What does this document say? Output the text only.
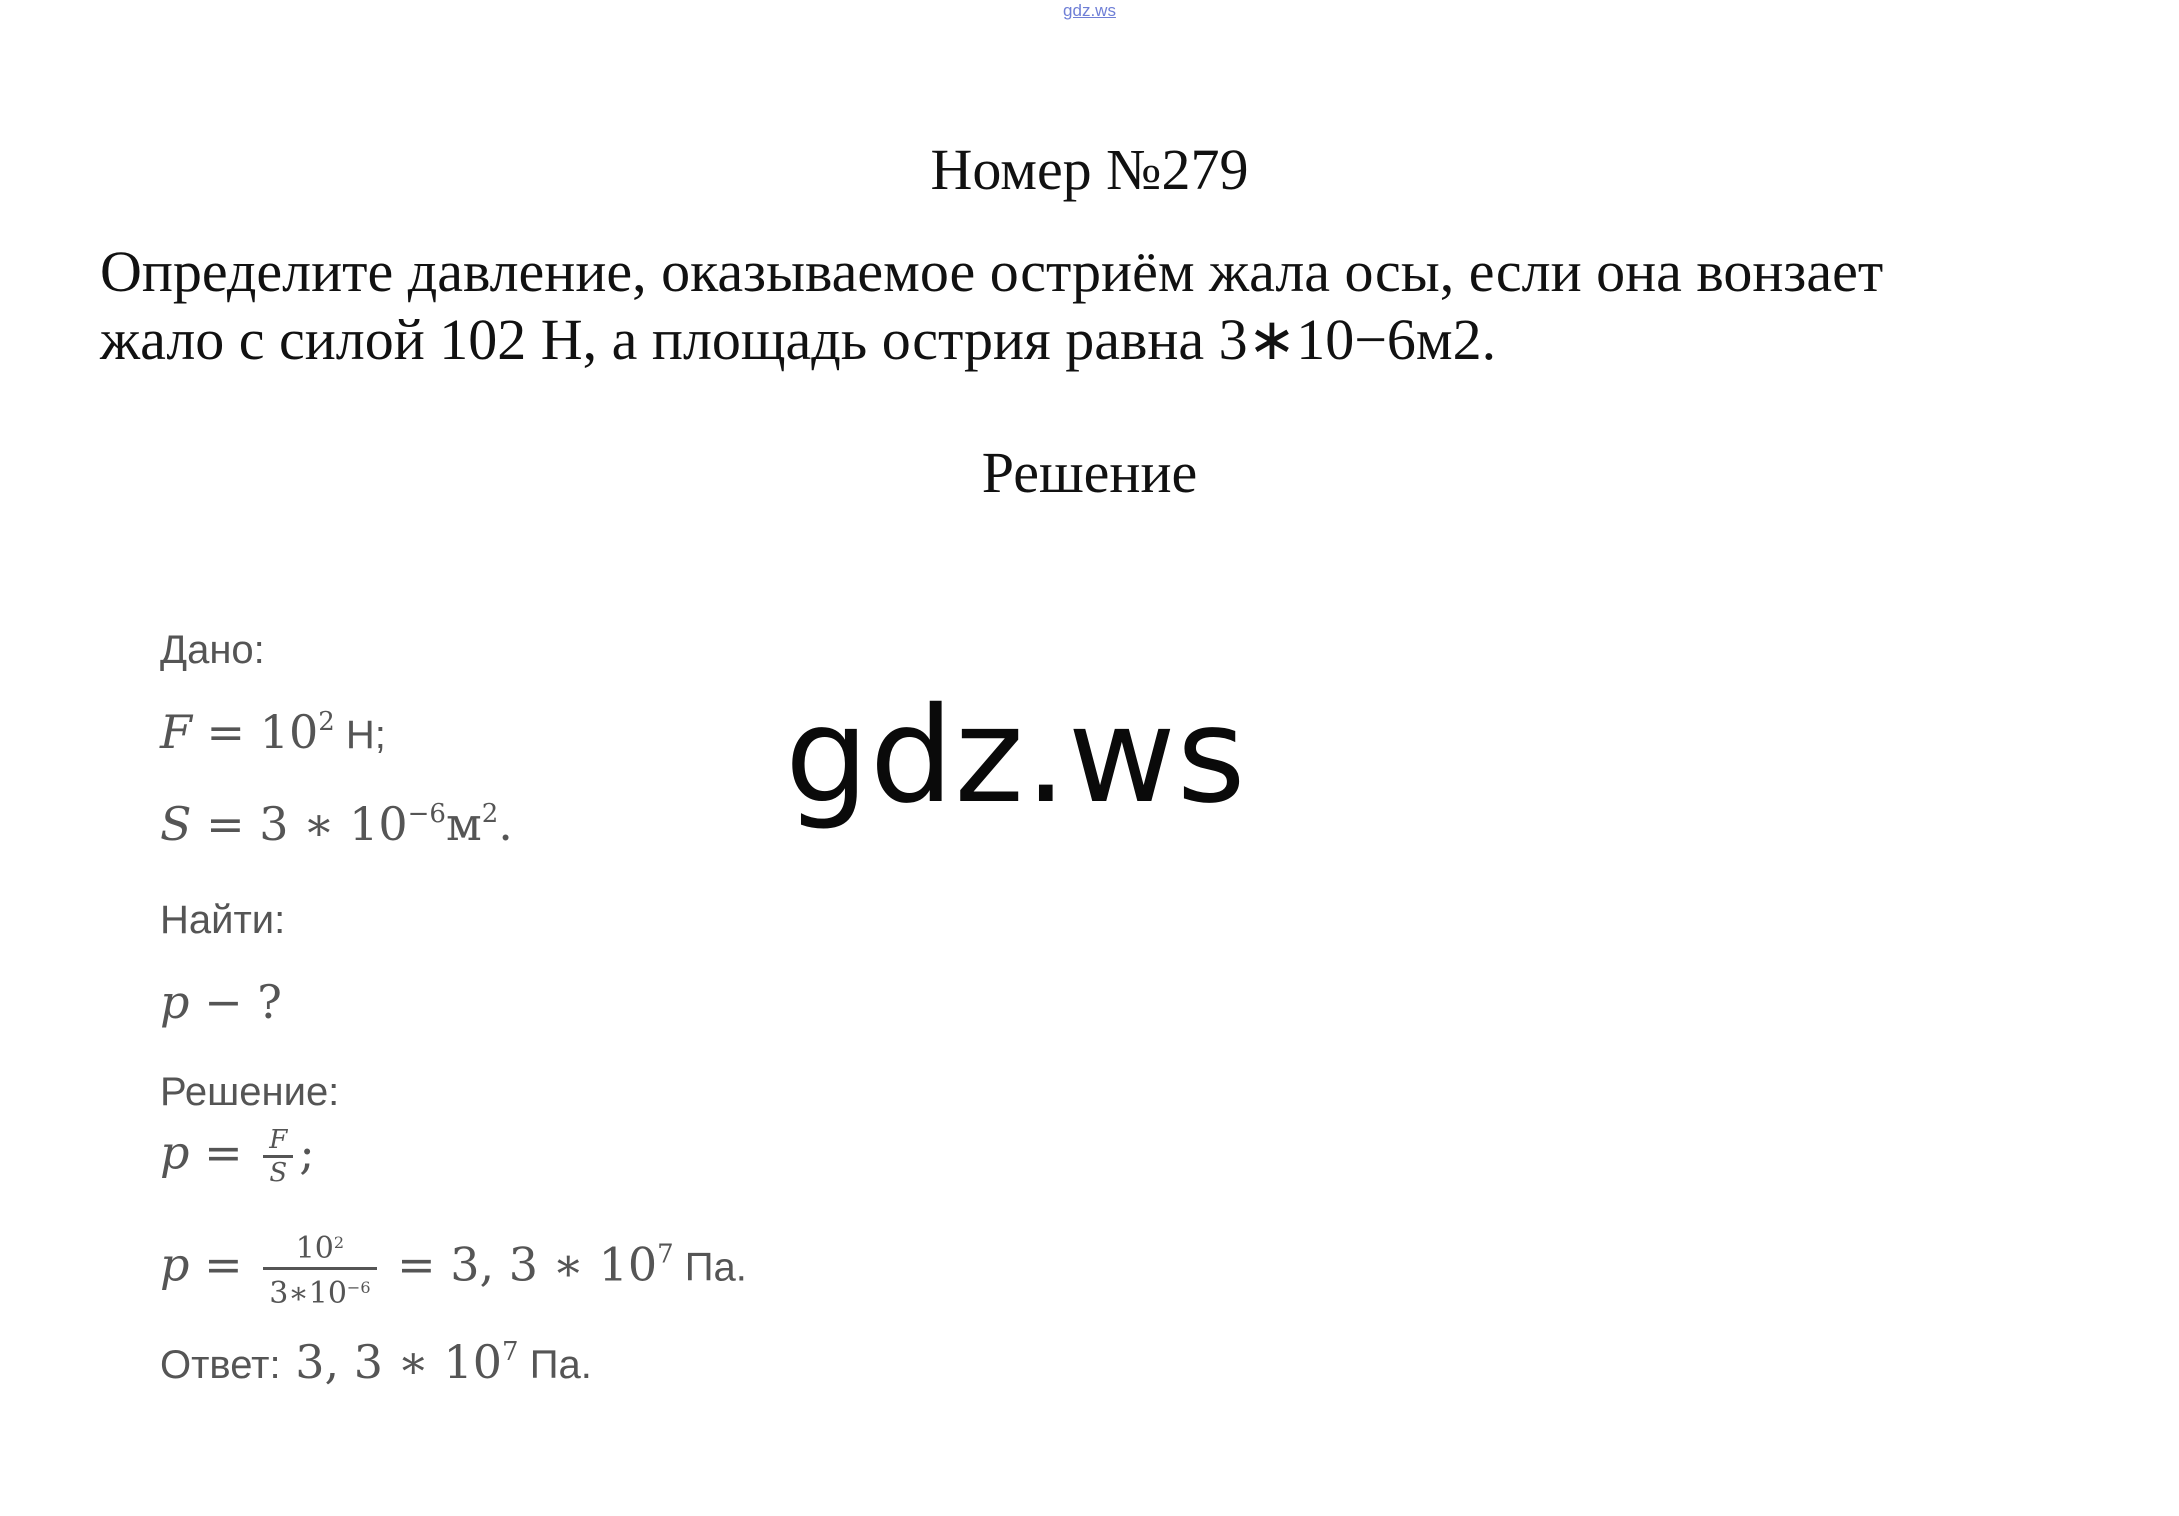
gdz.ws
Номер №279
Определите давление, оказываемое остриём жала осы, если она вонзает
жало с силой 102 Н, а площадь острия равна 3∗10−6м2.
Решение
Дано:
$F = 10^2$ Н;
S = 3 ∗ $10^{-6}м^2$.
Найти:
p − ?
Решение:
$p = \frac{F}{S}$ ;
$p = \frac{10^2}{3∗10^{-6}} = 3$, 3 ∗ $10^7$ Па.
Ответ: 3, 3 ∗ $10^7$ Па.
gdz.ws
